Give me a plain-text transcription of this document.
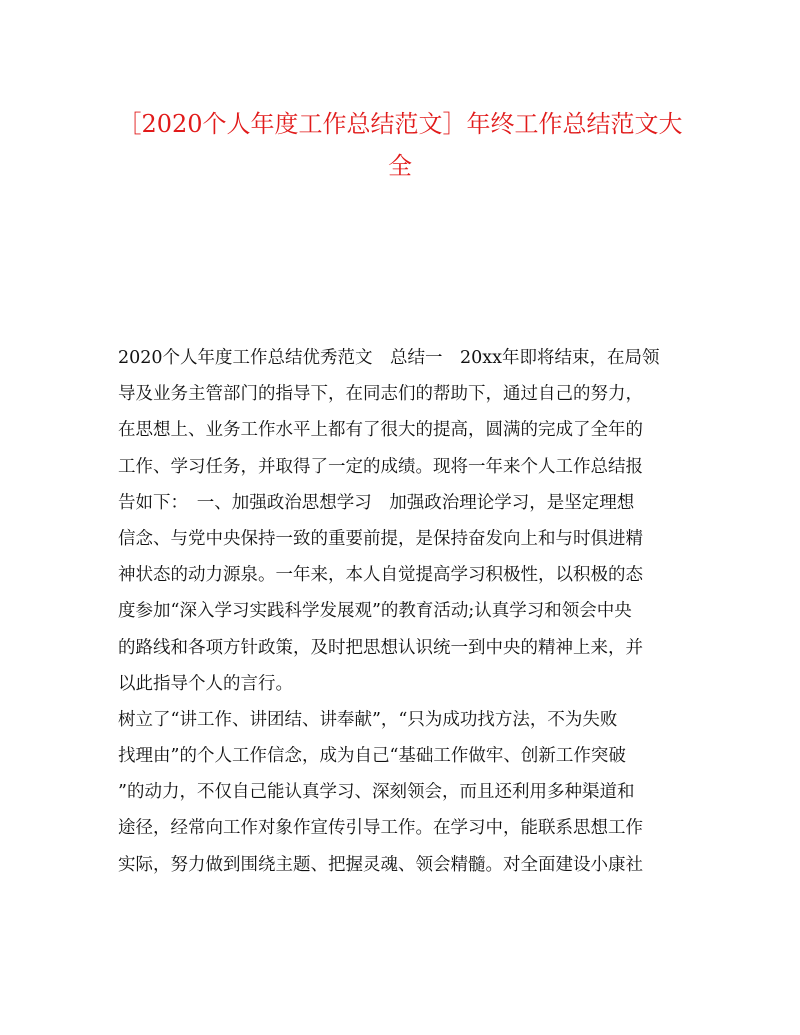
［2020个人年度工作总结范文］年终工作总结范文大
全
2020个人年度工作总结优秀范文　总结一　20xx年即将结束，在局领
导及业务主管部门的指导下，在同志们的帮助下，通过自己的努力，
在思想上、业务工作水平上都有了很大的提高，圆满的完成了全年的
工作、学习任务，并取得了一定的成绩。现将一年来个人工作总结报
告如下：　一、加强政治思想学习　加强政治理论学习，是坚定理想
信念、与党中央保持一致的重要前提，是保持奋发向上和与时俱进精
神状态的动力源泉。一年来，本人自觉提高学习积极性，以积极的态
度参加“深入学习实践科学发展观”的教育活动;认真学习和领会中央
的路线和各项方针政策，及时把思想认识统一到中央的精神上来，并
以此指导个人的言行。
树立了“讲工作、讲团结、讲奉献”，“只为成功找方法，不为失败
找理由”的个人工作信念，成为自己“基础工作做牢、创新工作突破
”的动力，不仅自己能认真学习、深刻领会，而且还利用多种渠道和
途径，经常向工作对象作宣传引导工作。在学习中，能联系思想工作
实际，努力做到围绕主题、把握灵魂、领会精髓。对全面建设小康社
